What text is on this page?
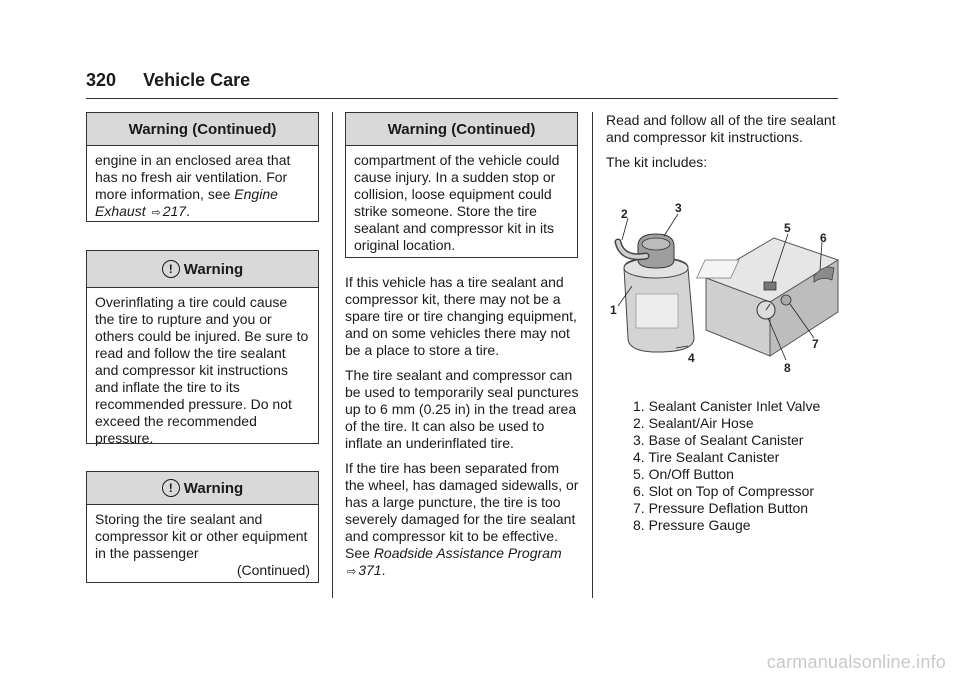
320 Vehicle Care
Warning (Continued)

engine in an enclosed area that has no fresh air ventilation. For more information, see Engine Exhaust ⇨ 217.

! Warning

Overinflating a tire could cause the tire to rupture and you or others could be injured. Be sure to read and follow the tire sealant and compressor kit instructions and inflate the tire to its recommended pressure. Do not exceed the recommended pressure.

! Warning

Storing the tire sealant and compressor kit or other equipment in the passenger

(Continued)

Warning (Continued)

compartment of the vehicle could cause injury. In a sudden stop or collision, loose equipment could strike someone. Store the tire sealant and compressor kit in its original location.

If this vehicle has a tire sealant and compressor kit, there may not be a spare tire or tire changing equipment, and on some vehicles there may not be a place to store a tire.

The tire sealant and compressor can be used to temporarily seal punctures up to 6 mm (0.25 in) in the tread area of the tire. It can also be used to inflate an underinflated tire.

If the tire has been separated from the wheel, has damaged sidewalls, or has a large puncture, the tire is too severely damaged for the tire sealant and compressor kit to be effective. See Roadside Assistance Program ⇨ 371.

Read and follow all of the tire sealant and compressor kit instructions.

The kit includes:

2	3
1
4
5
6
7
8
1. Sealant Canister Inlet Valve
2. Sealant/Air Hose
3. Base of Sealant Canister
4. Tire Sealant Canister
5. On/Off Button
6. Slot on Top of Compressor
7. Pressure Deflation Button
8. Pressure Gauge
carmanualsonline.info
